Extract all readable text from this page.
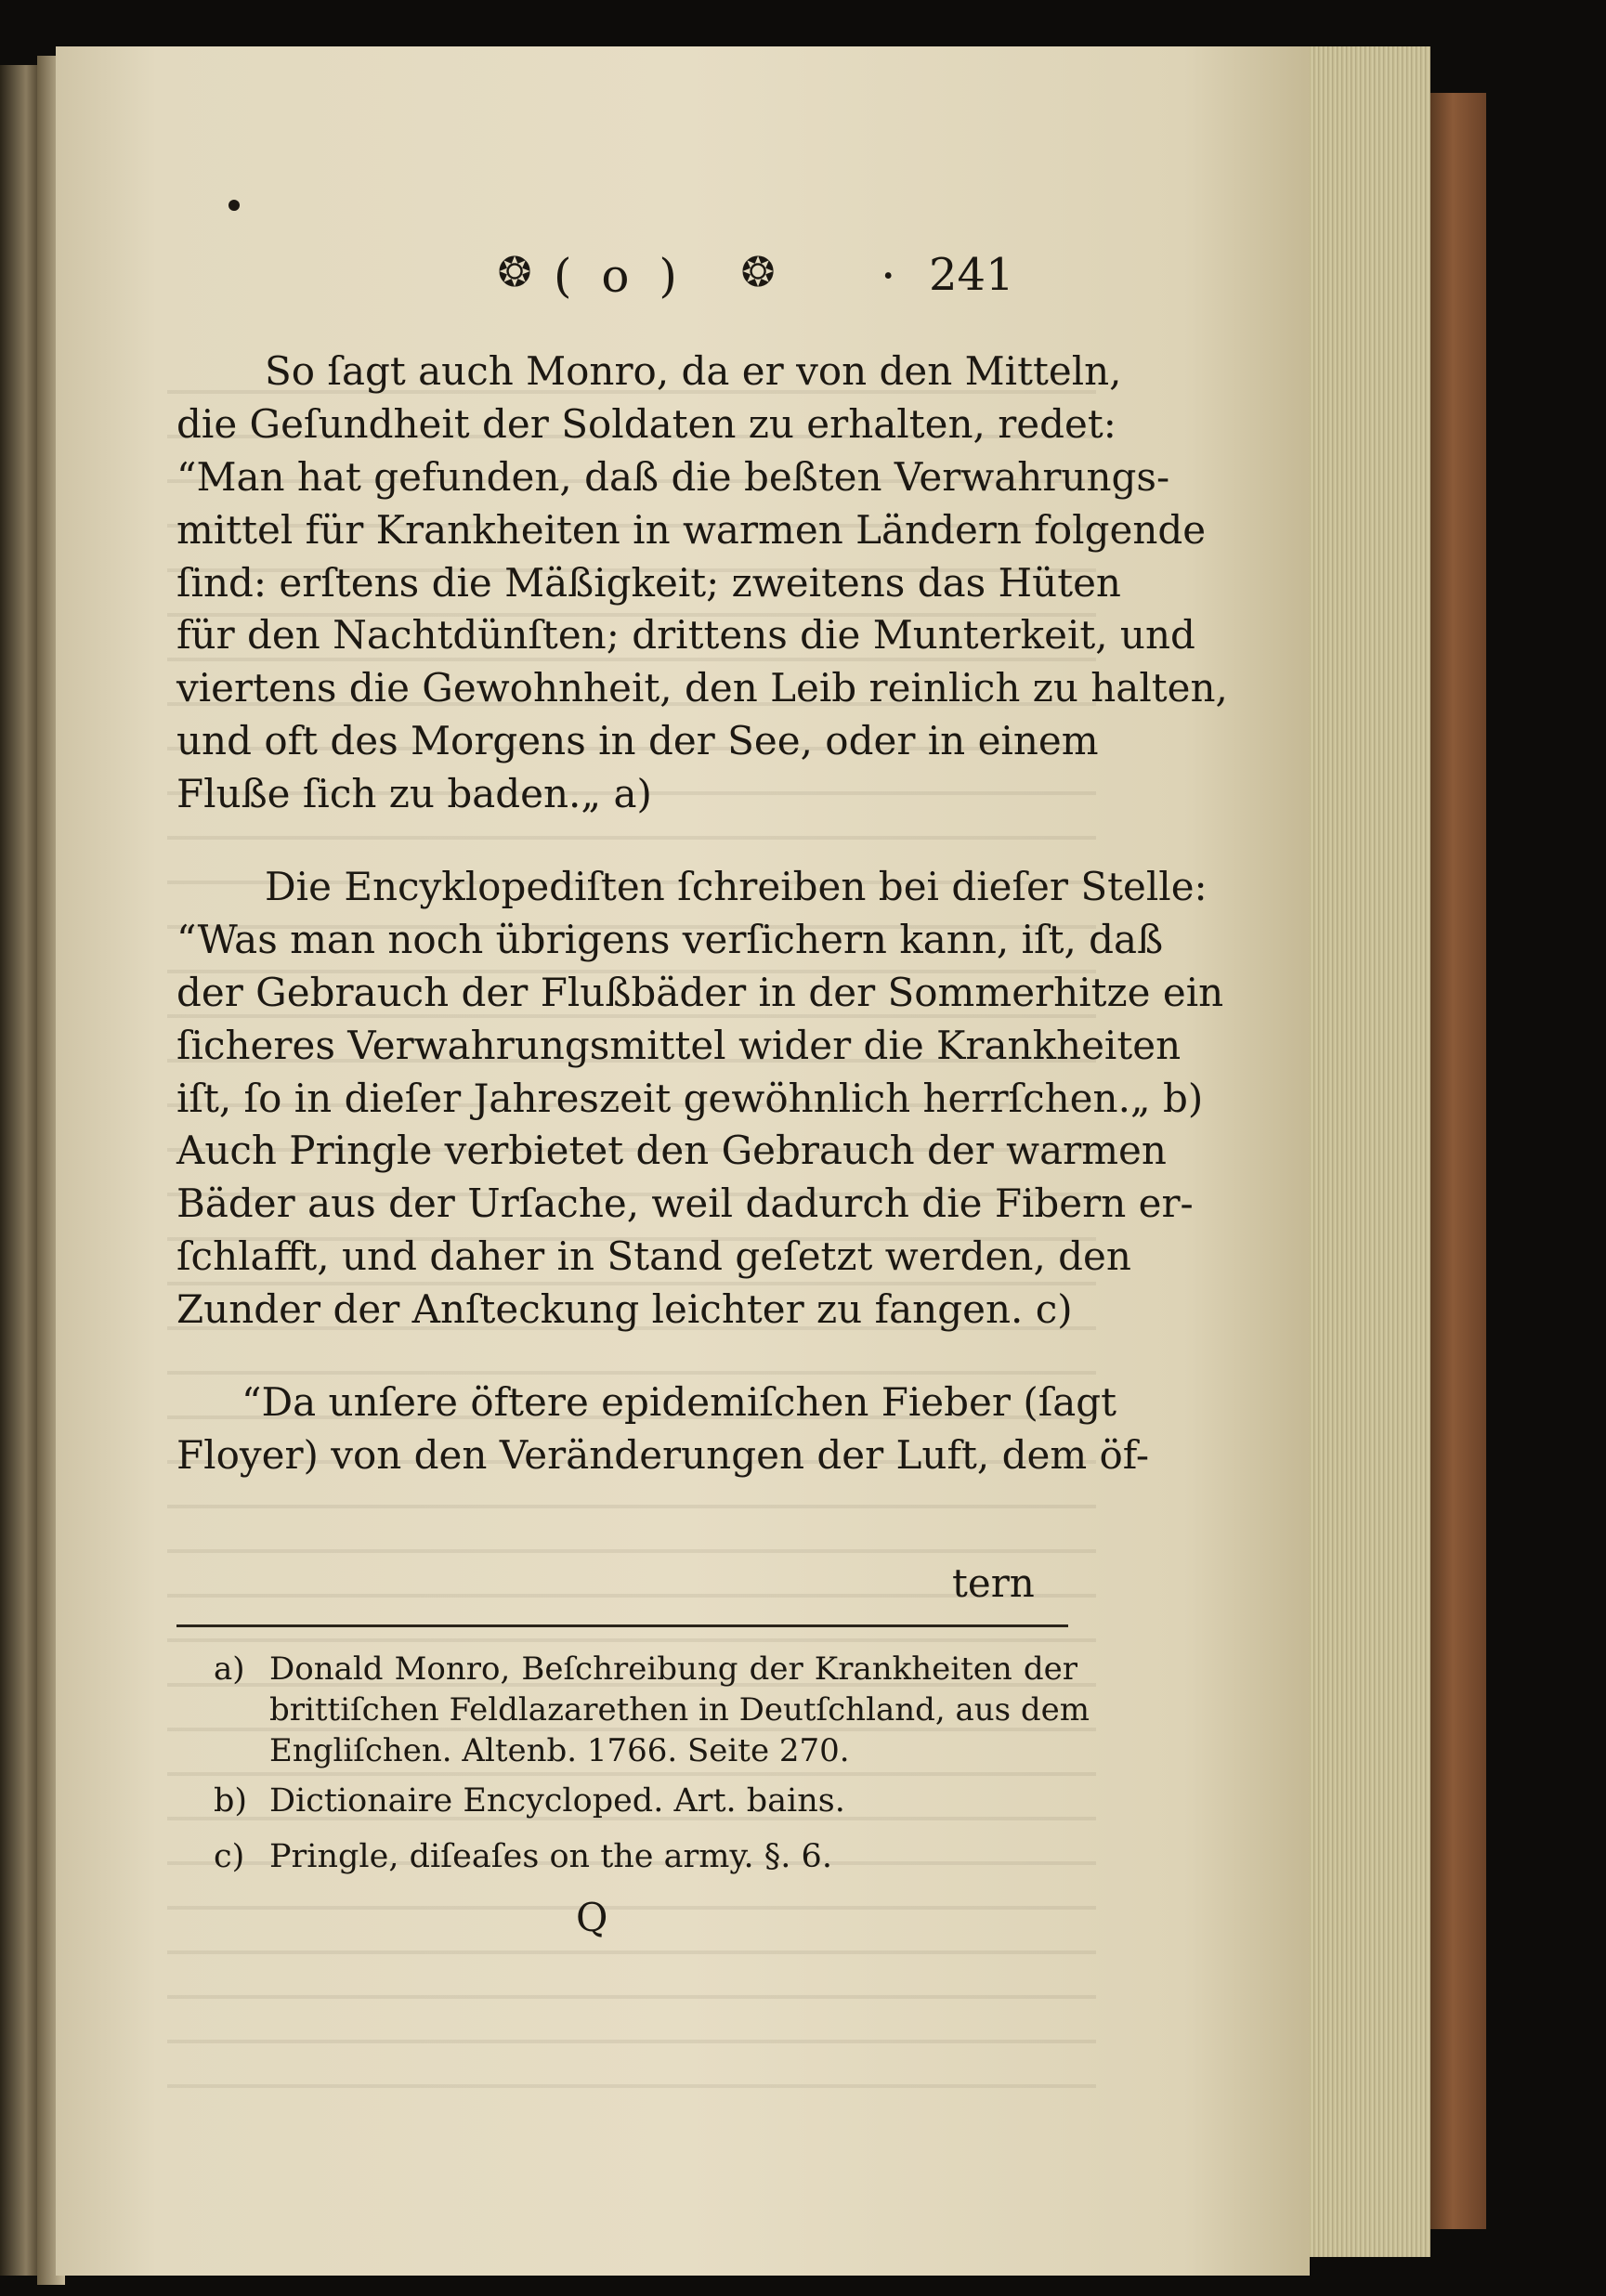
❂ ( o ) ❂ · 241
So ſagt auch Monro, da er von den Mitteln,
die Geſundheit der Soldaten zu erhalten, redet:
“Man hat gefunden, daß die beßten Verwahrungs-
mittel für Krankheiten in warmen Ländern folgende
ſind: erſtens die Mäßigkeit; zweitens das Hüten
für den Nachtdünſten; drittens die Munterkeit, und
viertens die Gewohnheit, den Leib reinlich zu halten,
und oft des Morgens in der See, oder in einem
Fluße ſich zu baden.„ a)
Die Encyklopediſten ſchreiben bei dieſer Stelle:
“Was man noch übrigens verſichern kann, iſt, daß
der Gebrauch der Flußbäder in der Sommerhitze ein
ſicheres Verwahrungsmittel wider die Krankheiten
iſt, ſo in dieſer Jahreszeit gewöhnlich herrſchen.„ b)
Auch Pringle verbietet den Gebrauch der warmen
Bäder aus der Urſache, weil dadurch die Fibern er-
ſchlafft, und daher in Stand geſetzt werden, den
Zunder der Anſteckung leichter zu fangen. c)
“Da unſere öftere epidemiſchen Fieber (ſagt
Floyer) von den Veränderungen der Luft, dem öf-
tern
a) Donald Monro, Beſchreibung der Krankheiten der
brittiſchen Feldlazarethen in Deutſchland, aus dem
Engliſchen. Altenb. 1766. Seite 270.
b) Dictionaire Encycloped. Art. bains.
c) Pringle, diſeaſes on the army. §. 6.
Q
